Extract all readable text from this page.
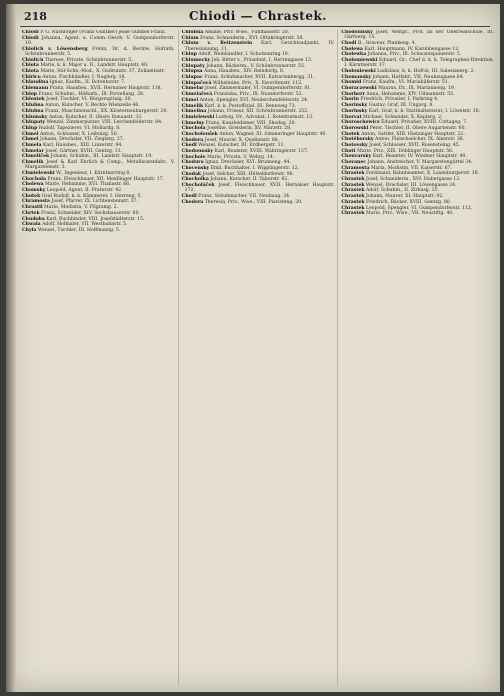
218	Chiodi — Chrastek.
Chiodi P. G. Nachfolger (Franz Günther) jeide Gumbel Franz.
Chiodi Johanna, Agent. u. Comm.-Gesch. V. Gumpendorferstr. 10.
Chiolich v. Löwensberg Freiin, Dr. d. Rechte, Hofrath, Schönbrunnerstr. 5.
Chiolich Therese, Private, Schönbrunnerstr. 5.
Chiota Marie, k. k. Major a. D., Landstr. Hauptstr. 40.
Chiota Marie, Stil-Schn.-Mod., X. Gudrunstr. 37, Zollamtsstr.
Chirico Anton, Fischhändler, I. Naglerg. 18.
Chlaudina Ignaz, Kaufm., II. Rotentorstr. 7.
Chlemann Franz, Hausbes., XVII. Hernalser Hauptstr. 118.
Chlop Franz, Schuhm., Hilfsarb., IX. Porzellang. 28.
Chlostek Josef, Tischler, VI. Bürgerspitalg. 20.
Chlubna Anton, Kutscher, V. Rechte Wienzeile 46.
Chlubna Franz, Maschinenschl., XX. Klosterneuburgerstr. 24.
Chlumsky Anton, Kutscher, II. Obere Donaustr. 33.
Chlupaty Wenzel, Zimmerputzer, VIII. Lerchenfelderstr. 84.
Chlup Rudolf, Tapezierer, VI. Mollardg. 8.
Chmel Anton, Schlosser, X. Leibnizg. 50.
Chmel Johann, Drechsler, VII. Zieglerg. 27.
Chmela Karl, Hausbes., XIII. Linzerstr. 94.
Chmelar Josef, Gärtner, XVIII. Gentzg. 13.
Chmeliček Johann, Schuhm., III. Landstr. Hauptstr. 19.
Chmelik Josef & Karl Ehrlich & Comp., Metallwarenfabr., V. Margaretenstr. 3.
Chmielewski W., Ingenieur, I. Kärntnerring 6.
Chochola Franz, Fleischhauer, XII. Meidlinger Hauptstr. 17.
Cholewa Marie, Hebamme, XVI. Thaliastr. 66.
Chomsky Leopold, Agent, II. Praterstr. 42.
Chotek Graf Rudolf, k. k. Kämmerer, I. Herreng. 5.
Chramosta Josef, Pfarrer, IX. Lichtensteinstr. 37.
Chrastil Marie, Modistin, V. Pilgramg. 2.
Chrtek Franz, Schneider, XIV. Sechshauserstr. 60.
Chudoba Karl, Buchbinder, VIII. Josefstädterstr. 15.
Chwala Adolf, Hofmaler, VII. Westbahnstr. 5.
Chyla Wenzel, Tischler, III. Hoffmanng. 5.
Chlubna Amalie, Priv. Wwe., Fünfhausstr. 30.
Chlum Franz, Schneiderm., XVI. Ottakringerstr. 38.
Chlum v. Reitzenstein Karl, Gerichtsadjunkt, IV. Theresianumg. 11.
Chlup Adolf, Weinhändler, I. Schottenring 19.
Chlumecky Joh. Ritter v., Präsident, I. Herrengasse 13.
Chlupaty Johann, Bäckerm., V. Schönbrunnerstr. 55.
Chlupsa Anna, Hausbes., XIV. Reindorfg. 8.
Chlupac Franz, Schuhmacher, XVII. Kalvarienbergg. 31.
Chlupačová Wilhelmine, Priv., X. Favoritenstr. 112.
Chmelar Josef, Zimmermaler, VI. Gumpendorferstr. 81.
Chmelařová Franziska, Priv., IX. Nussdorferstr. 52.
Chmel Anton, Spengler, XVI. Neulerchenfelderstr. 24.
Chmelik Karl, k. k. Postoffizial, III. Rennweg 73.
Chmelina Johann, Friseur, XII. Schönbrunnerstr. 252.
Chmielewski Ludwig, Dr., Advokat, I. Rotenturmstr. 13.
Chmelny Franz, Kanzleidiener, VIII. Skodag. 20.
Chochola Josefine, Greislerin, XV. Märzstr. 28.
Chocholoušek Anton, Wagner, XI. Simmeringer Hauptstr. 40.
Chodera Josef, Maurer, X. Quellenstr. 88.
Chodl Wenzel, Kutscher, III. Erdbergstr. 31.
Chodounsky Karl, Beamter, XVIII. Währingerstr. 137.
Chochole Marie, Private, V. Wehrg. 14.
Chodura Ignaz, Drechsler, XVI. Brunneng. 44.
Chocensky Emil, Buchhalter, I. Wipplingerstr. 12.
Chodak Josef, Selcher, XIII. Hütteldorferstr. 96.
Chocholka Johann, Kutscher, II. Taborstr. 62.
Chocholáček Josef, Fleischhauer, XVII. Hernalser Hauptstr. 172.
Chodl Franz, Schuhmacher, VII. Neubaug. 34.
Chodera Theresia, Priv., Wwe., VIII. Piaristeng. 29.
Chodounsky Josef, Weltpr., Prof. an der Oberrealschule, III. Gärtnerg. 15.
Chodl B., Graveur, Plankeng. 4.
Cholewa Karl, Hauptmann, IV. Karolinengasse 12.
Cholewka Johanna, Priv., IX. Schwarzspanierstr. 5.
Cholomiewski Eduard, Gr., Chef d. k. k. Telegraphen-Direktion, I. Kärntnerstr. 17.
Choloniewski Ladislaus, k. k. Hofrat, III. Salesianerg. 2.
Chomansky Johann, Hutfabr., VII. Neubaugasse 64.
Chomid Franz, Kaufm., VI. Mariahilferstr. 51.
Choraczewski Maurus, Dr., IX. Marianneng. 19.
Chorherr Anna, Hebamme, XIV. Ullmannstr. 55.
Chorin Friedrich, Privatier, I. Parkring 4.
Chorinsky Gustav, Graf, III. Ungarg. 8.
Chorinsky Karl, Graf, k. k. Statthaltereirat, I. Löwelstr. 16.
Chorvat Michael, Schneider, X. Keplerg. 2.
Choroschewicz Eduard, Privatier, XVIII. Cottageg. 7.
Chorowski Peter, Tischler, II. Obere Augartenstr. 60.
Chotek Anton, Sattler, XIII. Hietzinger Hauptstr. 22.
Chotěborsky Anton, Fleischselcher, IX. Alserstr. 36.
Chotovsky Josef, Schlosser, XVII. Rosensteing. 45.
Chott Marie, Priv., XIX. Döblinger Hauptstr. 56.
Chouvarsky Karl, Beamter, IV. Wiedner Hauptstr. 40.
Chovanec Johann, Anstreicher, V. Margaretengürtel 34.
Chramosta Maria, Modistin, VII. Kaiserstr. 67.
Chrastek Ferdinand, Bahnbeamter, X. Laxenburgerstr. 18.
Chrastek Josef, Schneiderm., XVI. Hubergasse 13.
Chrastek Wenzel, Drechsler, III. Löwengasse 24.
Chrastek Adolf, Schuhm., II. Zirkusg. 35.
Chrastek Johann, Maurer, XI. Hauptstr. 92.
Chrastek Friedrich, Bäcker, XVIII. Gentzg. 80.
Chrastek Leopold, Spengler, VI. Gumpendorferstr. 112.
Chrastek Marie, Priv., Wwe., VII. Neustiftg. 40.
